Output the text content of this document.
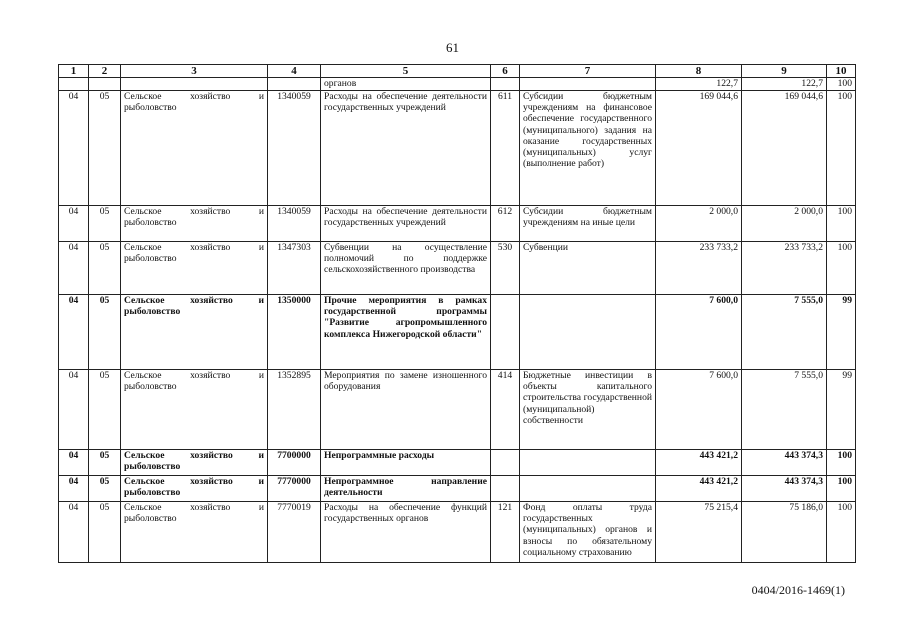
61
1	2	3	4	5	6	7	8	9	10
				органов			122,7	122,7	100
04	05	Сельское хозяйство и рыболовство	1340059	Расходы на обеспечение деятельности государственных учреждений	611	Субсидии бюджетным учреждениям на финансовое обеспечение государственного (муниципального) задания на оказание государственных (муниципальных) услуг (выполнение работ)	169 044,6	169 044,6	100
04	05	Сельское хозяйство и рыболовство	1340059	Расходы на обеспечение деятельности государственных учреждений	612	Субсидии бюджетным учреждениям на иные цели	2 000,0	2 000,0	100
04	05	Сельское хозяйство и рыболовство	1347303	Субвенции на осуществление полномочий по поддержке сельскохозяйственного производства	530	Субвенции	233 733,2	233 733,2	100
04	05	Сельское хозяйство и рыболовство	1350000	Прочие мероприятия в рамках государственной программы "Развитие агропромышленного комплекса Нижегородской области"			7 600,0	7 555,0	99
04	05	Сельское хозяйство и рыболовство	1352895	Мероприятия по замене изношенного оборудования	414	Бюджетные инвестиции в объекты капитального строительства государственной (муниципальной) собственности	7 600,0	7 555,0	99
04	05	Сельское хозяйство и рыболовство	7700000	Непрограммные расходы			443 421,2	443 374,3	100
04	05	Сельское хозяйство и рыболовство	7770000	Непрограммное направление деятельности			443 421,2	443 374,3	100
04	05	Сельское хозяйство и рыболовство	7770019	Расходы на обеспечение функций государственных органов	121	Фонд оплаты труда государственных (муниципальных) органов и взносы по обязательному социальному страхованию	75 215,4	75 186,0	100
0404/2016-1469(1)
